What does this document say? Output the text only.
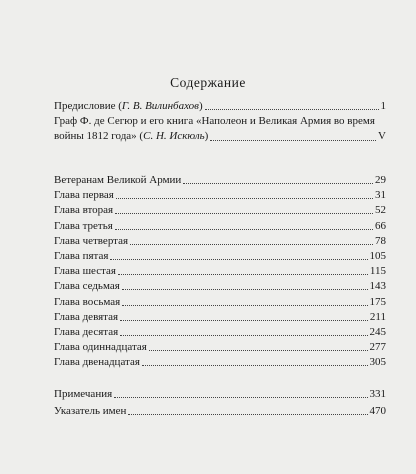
Содержание
Предисловие (Г. В. Вилинбахов)	1
Граф Ф. де Сегюр и его книга «Наполеон и Великая Армия во время
войны 1812 года» (С. Н. Искюль)	V
Ветеранам Великой Армии	29
Глава первая	31
Глава вторая	52
Глава третья	66
Глава четвертая	78
Глава пятая	105
Глава шестая	115
Глава седьмая	143
Глава восьмая	175
Глава девятая	211
Глава десятая	245
Глава одиннадцатая	277
Глава двенадцатая	305
Примечания	331
Указатель имен	470
